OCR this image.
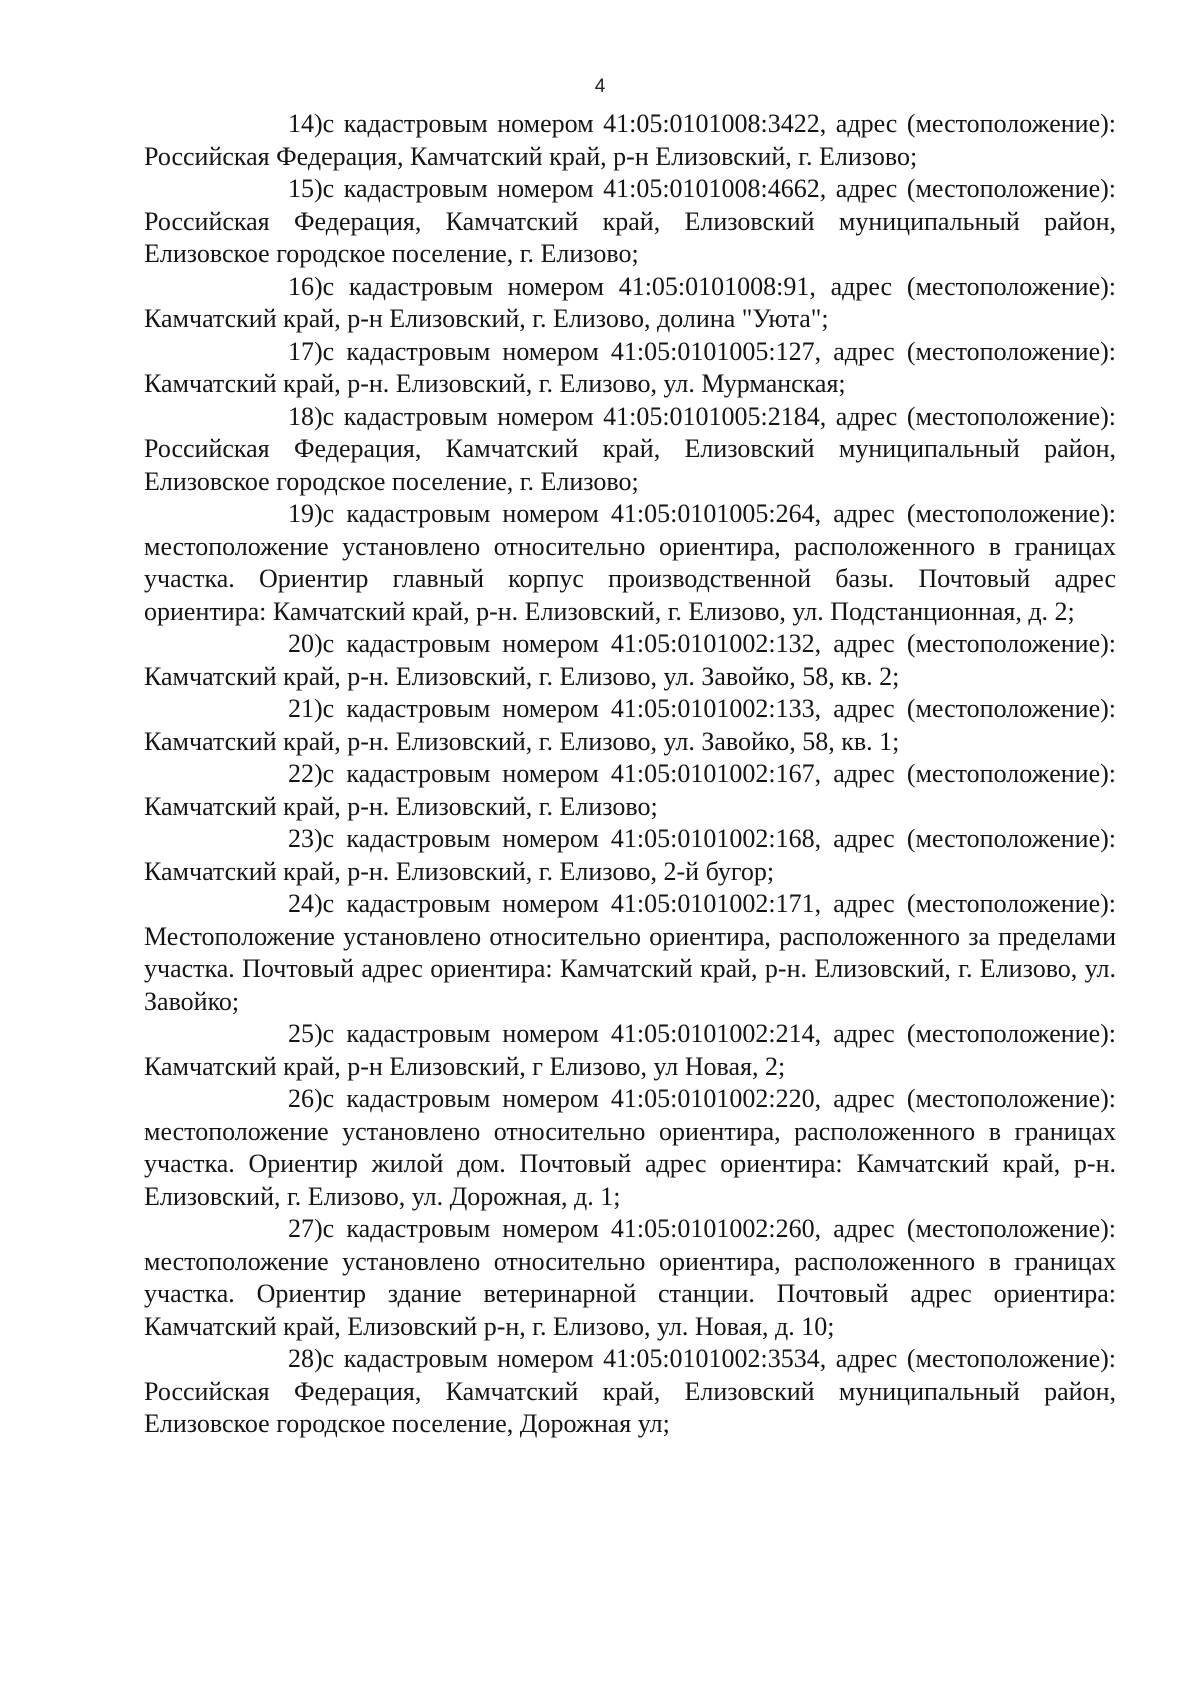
4

14)с кадастровым номером 41:05:0101008:3422, адрес (местоположение): Российская Федерация, Камчатский край, р-н Елизовский, г. Елизово;

15)с кадастровым номером 41:05:0101008:4662, адрес (местоположение): Российская Федерация, Камчатский край, Елизовский муниципальный район, Елизовское городское поселение, г. Елизово;

16)с кадастровым номером 41:05:0101008:91, адрес (местоположение): Камчатский край, р-н Елизовский, г. Елизово, долина "Уюта";

17)с кадастровым номером 41:05:0101005:127, адрес (местоположение): Камчатский край, р-н. Елизовский, г. Елизово, ул. Мурманская;

18)с кадастровым номером 41:05:0101005:2184, адрес (местоположение): Российская Федерация, Камчатский край, Елизовский муниципальный район, Елизовское городское поселение, г. Елизово;

19)с кадастровым номером 41:05:0101005:264, адрес (местоположение): местоположение установлено относительно ориентира, расположенного в границах участка. Ориентир главный корпус производственной базы. Почтовый адрес ориентира: Камчатский край, р-н. Елизовский, г. Елизово, ул. Подстанционная, д. 2;

20)с кадастровым номером 41:05:0101002:132, адрес (местоположение): Камчатский край, р-н. Елизовский, г. Елизово, ул. Завойко, 58, кв. 2;

21)с кадастровым номером 41:05:0101002:133, адрес (местоположение): Камчатский край, р-н. Елизовский, г. Елизово, ул. Завойко, 58, кв. 1;

22)с кадастровым номером 41:05:0101002:167, адрес (местоположение): Камчатский край, р-н. Елизовский, г. Елизово;

23)с кадастровым номером 41:05:0101002:168, адрес (местоположение): Камчатский край, р-н. Елизовский, г. Елизово, 2-й бугор;

24)с кадастровым номером 41:05:0101002:171, адрес (местоположение): Местоположение установлено относительно ориентира, расположенного за пределами участка. Почтовый адрес ориентира: Камчатский край, р-н. Елизовский, г. Елизово, ул. Завойко;

25)с кадастровым номером 41:05:0101002:214, адрес (местоположение): Камчатский край, р-н Елизовский, г Елизово, ул Новая, 2;

26)с кадастровым номером 41:05:0101002:220, адрес (местоположение): местоположение установлено относительно ориентира, расположенного в границах участка. Ориентир жилой дом. Почтовый адрес ориентира: Камчатский край, р-н. Елизовский, г. Елизово, ул. Дорожная, д. 1;

27)с кадастровым номером 41:05:0101002:260, адрес (местоположение): местоположение установлено относительно ориентира, расположенного в границах участка. Ориентир здание ветеринарной станции. Почтовый адрес ориентира: Камчатский край, Елизовский р-н, г. Елизово, ул. Новая, д. 10;

28)с кадастровым номером 41:05:0101002:3534, адрес (местоположение): Российская Федерация, Камчатский край, Елизовский муниципальный район, Елизовское городское поселение, Дорожная ул;
